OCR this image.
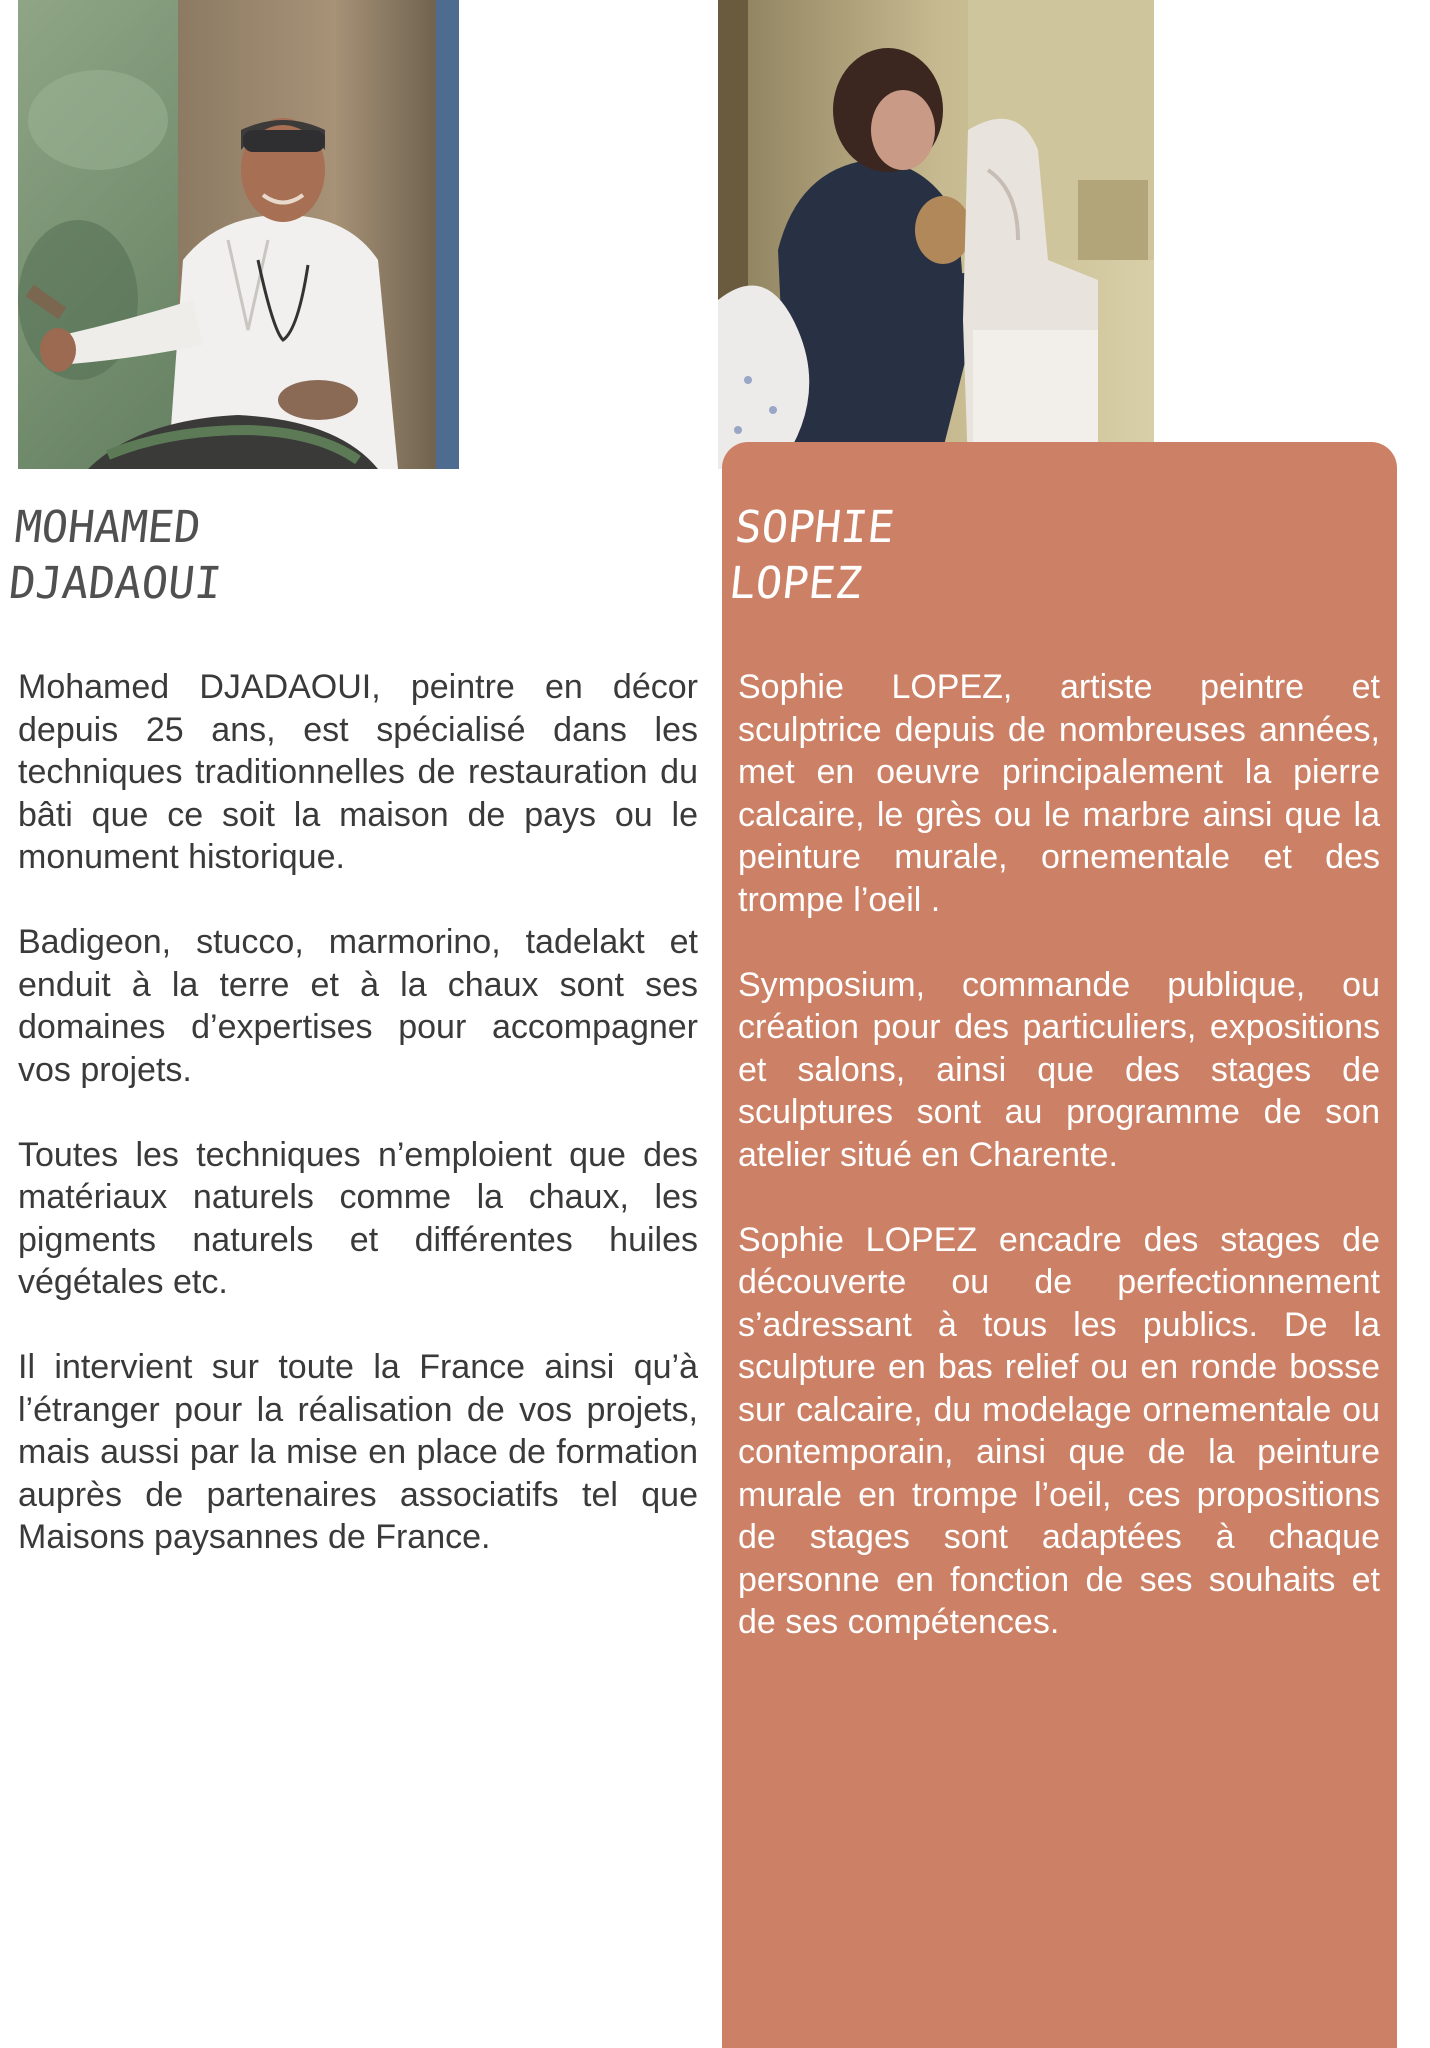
MOHAMED
DJADAOUI
SOPHIE
LOPEZ

Mohamed DJADAOUI, peintre en décor depuis 25 ans, est spécialisé dans les techniques traditionnelles de restauration du bâti que ce soit la maison de pays ou le monument historique.

Badigeon, stucco, marmorino, tadelakt et enduit à la terre et à la chaux sont ses domaines d’expertises pour accompagner vos projets.

Toutes les techniques n’emploient que des matériaux naturels comme la chaux, les pigments naturels et différentes huiles végétales etc.

Il intervient sur toute la France ainsi qu’à l’étranger pour la réalisation de vos projets, mais aussi par la mise en place de formation auprès de partenaires associatifs tel que Maisons paysannes de France.

Sophie LOPEZ, artiste peintre et sculptrice depuis de nombreuses années, met en oeuvre principalement la pierre calcaire, le grès ou le marbre ainsi que la peinture murale, ornementale et des trompe l’oeil .

Symposium, commande publique, ou création pour des particuliers, expositions et salons, ainsi que des stages de sculptures sont au programme de son atelier situé en Charente.

Sophie LOPEZ encadre des stages de découverte ou de perfectionnement s’adressant à tous les publics. De la sculpture en bas relief ou en ronde bosse sur calcaire, du modelage ornementale ou contemporain, ainsi que de la peinture murale en trompe l’oeil, ces propositions de stages sont adaptées à chaque personne en fonction de ses souhaits et de ses compétences.
